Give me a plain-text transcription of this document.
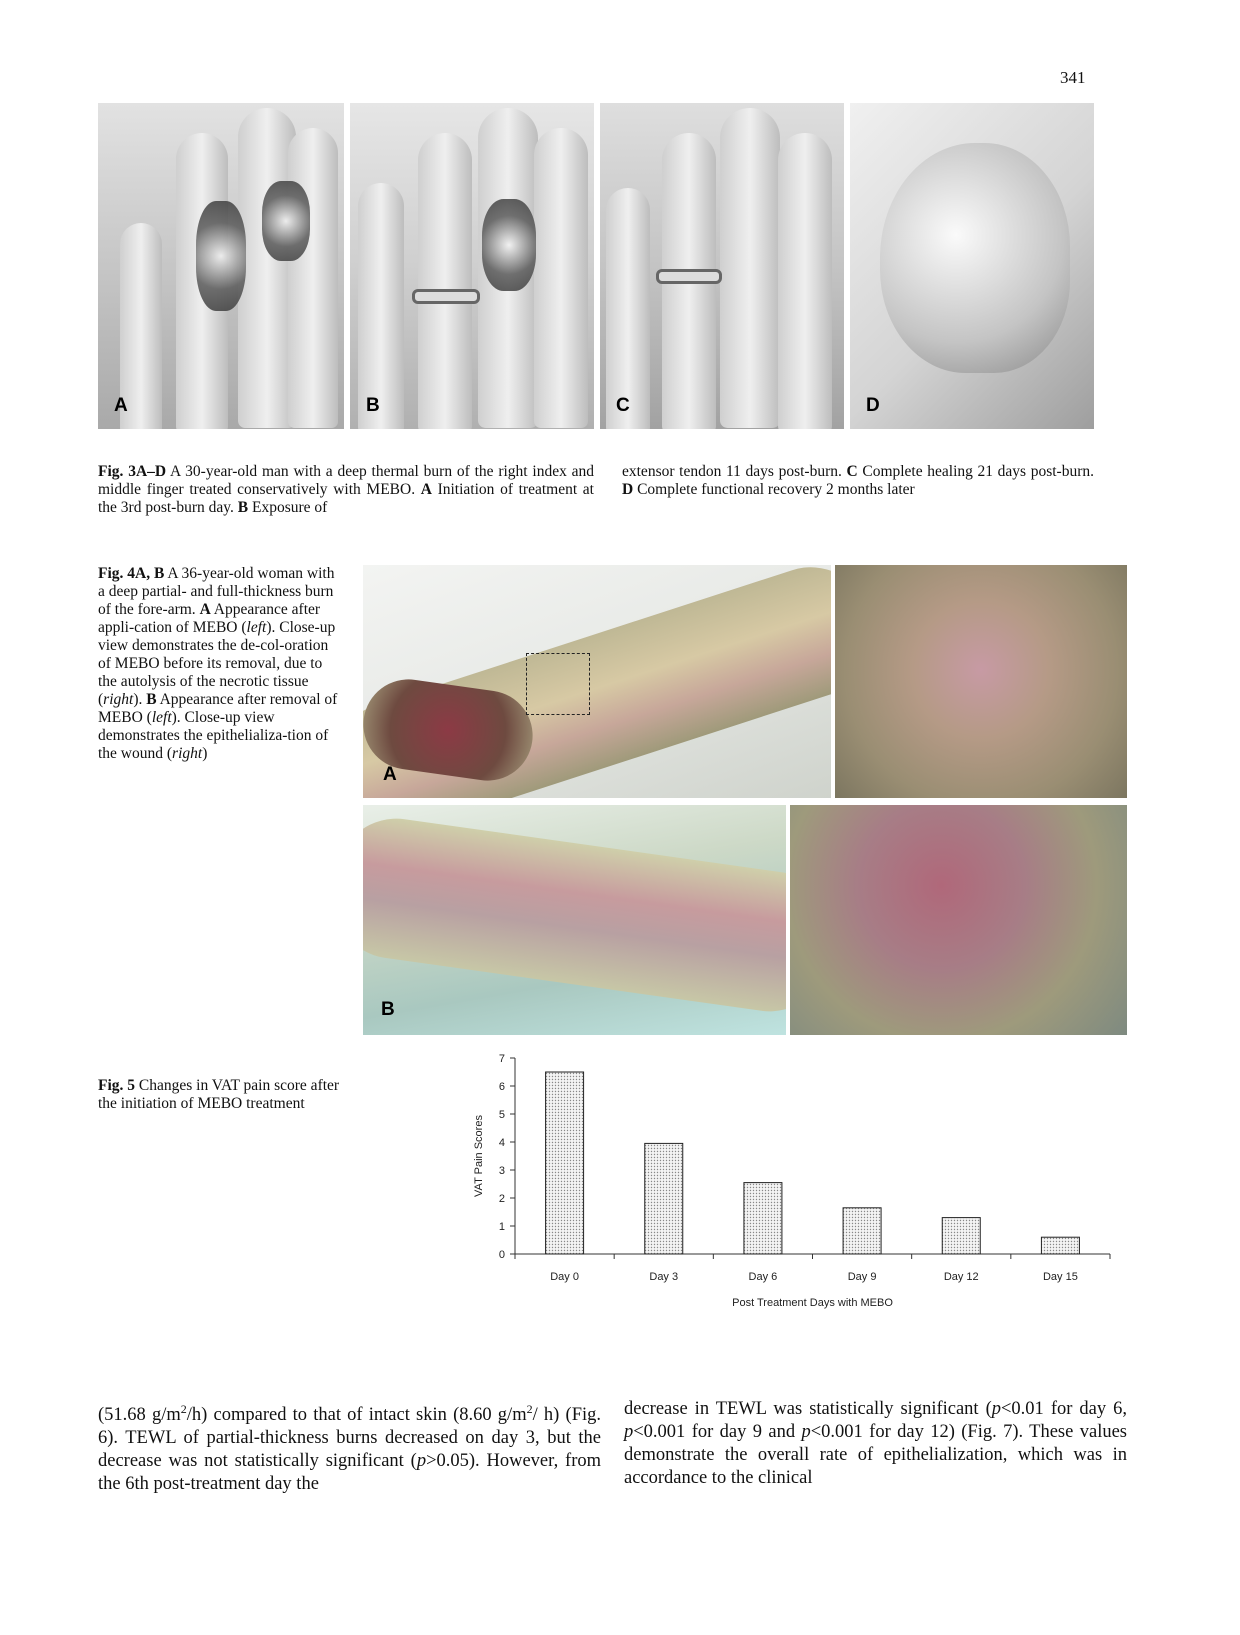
341
A	B	C	D
Fig. 3A–D A 30-year-old man with a deep thermal burn of the right index and middle finger treated conservatively with MEBO. A Initiation of treatment at the 3rd post-burn day. B Exposure of
extensor tendon 11 days post-burn. C Complete healing 21 days post-burn. D Complete functional recovery 2 months later
Fig. 4A, B A 36-year-old woman with a deep partial- and full-thickness burn of the fore-arm. A Appearance after appli-cation of MEBO (left). Close-up view demonstrates the de-col-oration of MEBO before its removal, due to the autolysis of the necrotic tissue (right). B Appearance after removal of MEBO (left). Close-up view demonstrates the epithelializa-tion of the wound (right)
A
B
Fig. 5 Changes in VAT pain score after the initiation of MEBO treatment
0
1
2
3
4
5
6
7
Day 0	Day 3	Day 6	Day 9	Day 12	Day 15
Post Treatment Days with MEBO
VAT Pain Scores
(51.68 $g/m^2/h$) compared to that of intact skin (8.60 $g/m^2/$ h) (Fig. 6). TEWL of partial-thickness burns decreased on day 3, but the decrease was not statistically significant (p>0.05). However, from the 6th post-treatment day the
decrease in TEWL was statistically significant (p<0.01 for day 6, p<0.001 for day 9 and p<0.001 for day 12) (Fig. 7). These values demonstrate the overall rate of epithelialization, which was in accordance to the clinical
